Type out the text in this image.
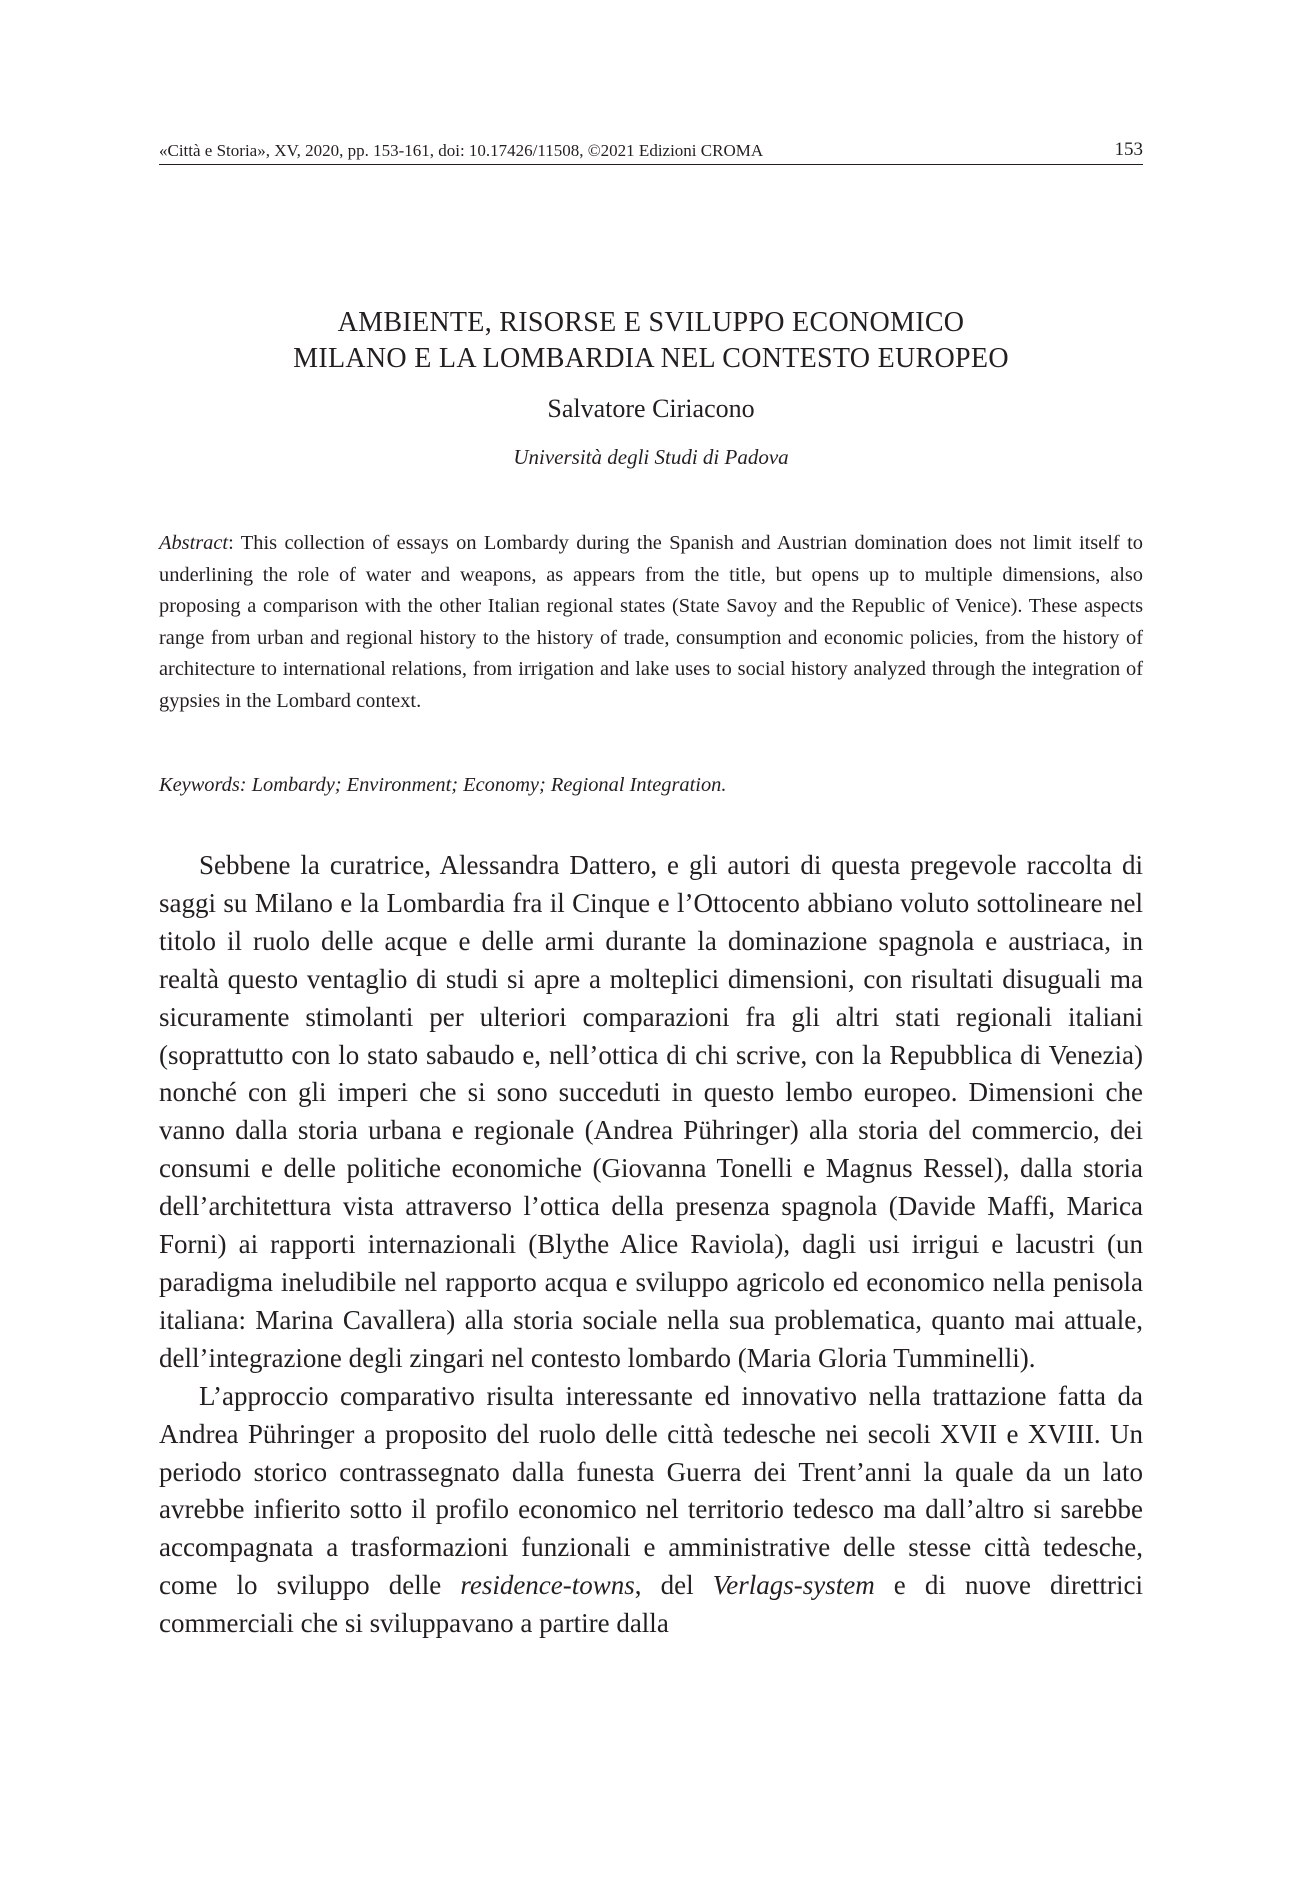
«Città e Storia», XV, 2020, pp. 153-161, doi: 10.17426/11508, ©2021 Edizioni CROMA	153
AMBIENTE, RISORSE E SVILUPPO ECONOMICO
MILANO E LA LOMBARDIA NEL CONTESTO EUROPEO
Salvatore Ciriacono
Università degli Studi di Padova

Abstract: This collection of essays on Lombardy during the Spanish and Austrian domination does not limit itself to underlining the role of water and weapons, as appears from the title, but opens up to multiple dimensions, also proposing a comparison with the other Italian regional states (State Savoy and the Republic of Venice). These aspects range from urban and regional history to the history of trade, consumption and economic policies, from the history of architecture to international relations, from irrigation and lake uses to social history analyzed through the integration of gypsies in the Lombard context.

Keywords: Lombardy; Environment; Economy; Regional Integration.

Sebbene la curatrice, Alessandra Dattero, e gli autori di questa pregevole raccolta di saggi su Milano e la Lombardia fra il Cinque e l’Ottocento abbiano voluto sottolineare nel titolo il ruolo delle acque e delle armi durante la dominazione spagnola e austriaca, in realtà questo ventaglio di studi si apre a molteplici dimensioni, con risultati disuguali ma sicuramente stimolanti per ulteriori comparazioni fra gli altri stati regionali italiani (soprattutto con lo stato sabaudo e, nell’ottica di chi scrive, con la Repubblica di Venezia) nonché con gli imperi che si sono succeduti in questo lembo europeo. Dimensioni che vanno dalla storia urbana e regionale (Andrea Pühringer) alla storia del commercio, dei consumi e delle politiche economiche (Giovanna Tonelli e Magnus Ressel), dalla storia dell’architettura vista attraverso l’ottica della presenza spagnola (Davide Maffi, Marica Forni) ai rapporti internazionali (Blythe Alice Raviola), dagli usi irrigui e lacustri (un paradigma ineludibile nel rapporto acqua e sviluppo agricolo ed economico nella penisola italiana: Marina Cavallera) alla storia sociale nella sua problematica, quanto mai attuale, dell’integrazione degli zingari nel contesto lombardo (Maria Gloria Tumminelli).

L’approccio comparativo risulta interessante ed innovativo nella trattazione fatta da Andrea Pühringer a proposito del ruolo delle città tedesche nei secoli XVII e XVIII. Un periodo storico contrassegnato dalla funesta Guerra dei Trent’anni la quale da un lato avrebbe infierito sotto il profilo economico nel territorio tedesco ma dall’altro si sarebbe accompagnata a trasformazioni funzionali e amministrative delle stesse città tedesche, come lo sviluppo delle residence-towns, del Verlags-system e di nuove direttrici commerciali che si sviluppavano a partire dalla
